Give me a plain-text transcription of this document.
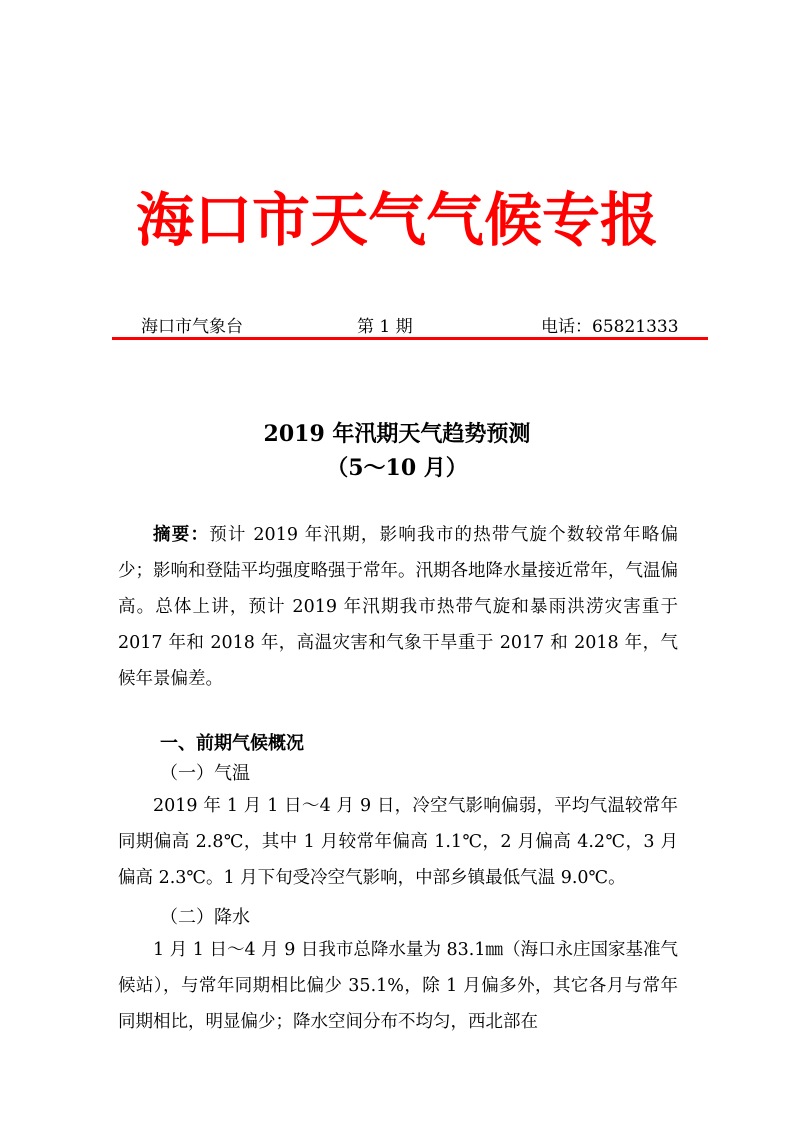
海口市天气气候专报
海口市气象台	第 1 期	电话：65821333
2019 年汛期天气趋势预测
（5～10 月）

摘要：预计 2019 年汛期，影响我市的热带气旋个数较常年略偏少；影响和登陆平均强度略强于常年。汛期各地降水量接近常年，气温偏高。总体上讲，预计 2019 年汛期我市热带气旋和暴雨洪涝灾害重于 2017 年和 2018 年，高温灾害和气象干旱重于 2017 和 2018 年，气候年景偏差。

一、前期气候概况
（一）气温

2019 年 1 月 1 日～4 月 9 日，冷空气影响偏弱，平均气温较常年同期偏高 2.8℃，其中 1 月较常年偏高 1.1℃，2 月偏高 4.2℃，3 月偏高 2.3℃。1 月下旬受冷空气影响，中部乡镇最低气温 9.0℃。

（二）降水

1 月 1 日～4 月 9 日我市总降水量为 83.1㎜（海口永庄国家基准气候站），与常年同期相比偏少 35.1%，除 1 月偏多外，其它各月与常年同期相比，明显偏少；降水空间分布不均匀，西北部在
